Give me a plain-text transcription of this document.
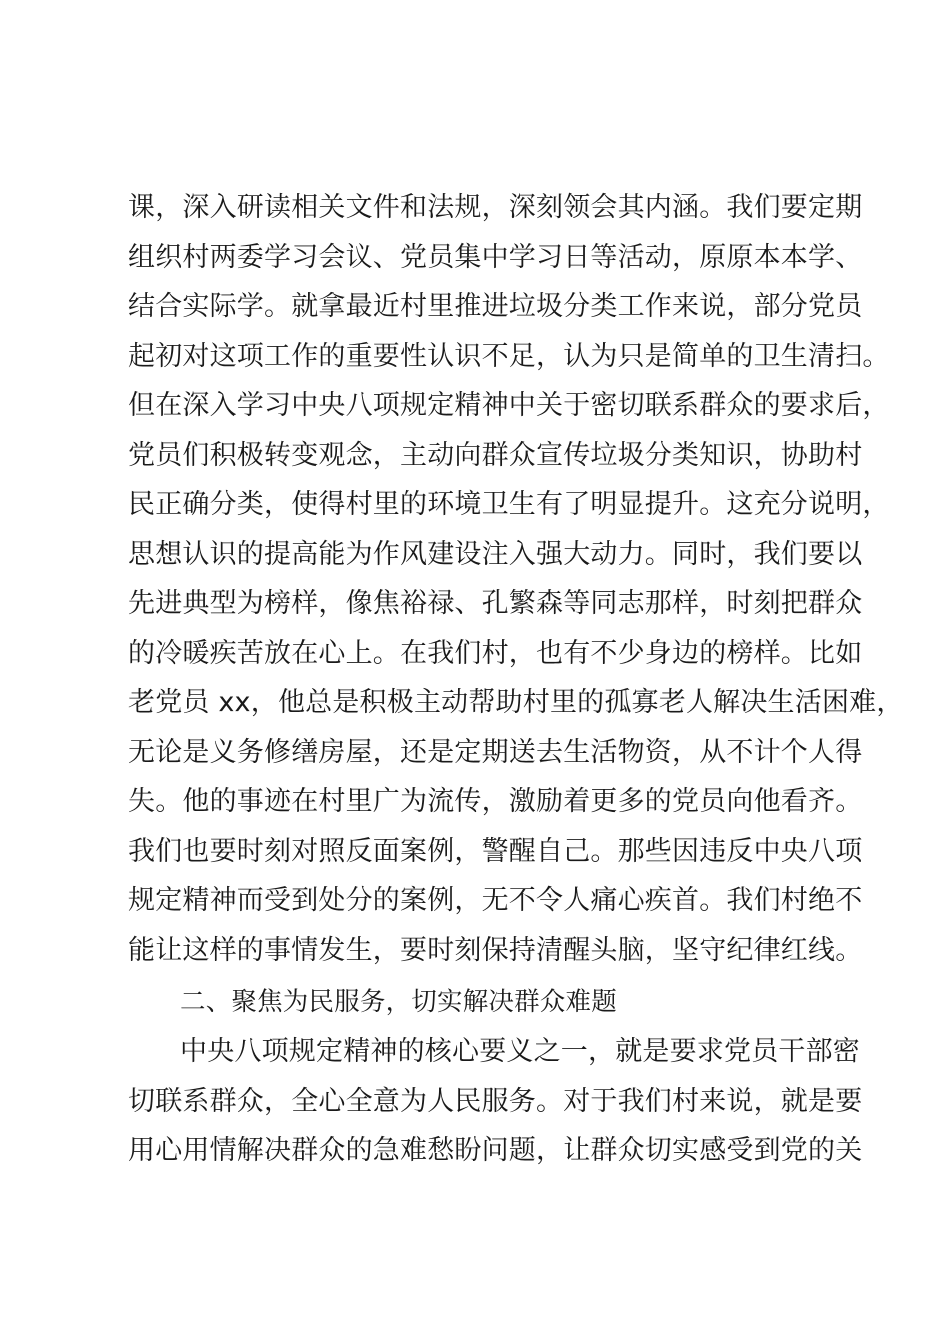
课，深入研读相关文件和法规，深刻领会其内涵。我们要定期
组织村两委学习会议、党员集中学习日等活动，原原本本学、
结合实际学。就拿最近村里推进垃圾分类工作来说，部分党员
起初对这项工作的重要性认识不足，认为只是简单的卫生清扫。
但在深入学习中央八项规定精神中关于密切联系群众的要求后，
党员们积极转变观念，主动向群众宣传垃圾分类知识，协助村
民正确分类，使得村里的环境卫生有了明显提升。这充分说明，
思想认识的提高能为作风建设注入强大动力。同时，我们要以
先进典型为榜样，像焦裕禄、孔繁森等同志那样，时刻把群众
的冷暖疾苦放在心上。在我们村，也有不少身边的榜样。比如
老党员 xx，他总是积极主动帮助村里的孤寡老人解决生活困难，
无论是义务修缮房屋，还是定期送去生活物资，从不计个人得
失。他的事迹在村里广为流传，激励着更多的党员向他看齐。
我们也要时刻对照反面案例，警醒自己。那些因违反中央八项
规定精神而受到处分的案例，无不令人痛心疾首。我们村绝不
能让这样的事情发生，要时刻保持清醒头脑，坚守纪律红线。
二、聚焦为民服务，切实解决群众难题
中央八项规定精神的核心要义之一，就是要求党员干部密
切联系群众，全心全意为人民服务。对于我们村来说，就是要
用心用情解决群众的急难愁盼问题，让群众切实感受到党的关
